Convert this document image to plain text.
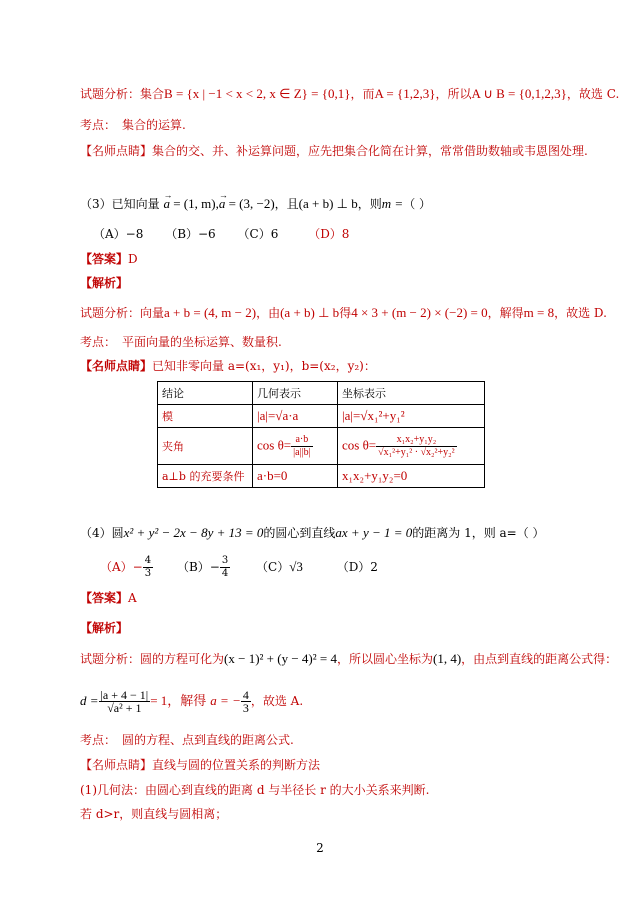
试题分析：集合B = {x | −1 < x < 2, x ∈ Z} = {0,1}，而A = {1,2,3}，所以A ∪ B = {0,1,2,3}，故选 C.
考点： 集合的运算.
【名师点睛】集合的交、并、补运算问题，应先把集合化简在计算，常常借助数轴或韦恩图处理.
（3）已知向量 → a = (1, m),→ a = (3, −2)，且(a + b) ⊥ b，则m =（ ）
（A）−8 （B）−6 （C）6 （D）8
【答案】D
【解析】
试题分析：向量a + b = (4, m − 2)，由(a + b) ⊥ b得4 × 3 + (m − 2) × (−2) = 0，解得m = 8，故选 D.
考点： 平面向量的坐标运算、数量积.
【名师点睛】已知非零向量 a=(x₁，y₁)，b=(x₂，y₂)：
结论	几何表示	坐标表示
模	|a|=√a·a	|a|=√x₁²+y₁²
夹角	$\cos \theta= \frac{a\cdot b}{|a||b|}$	$\cos \theta= \frac{\text{x₁x₂+y₁y₂}}{\text{√x₁²+y₁² · √x₂²+y₂²}}$

a⊥b 的充要条件	a·b=0	x₁x₂+y₁y₂=0
（4）圆x² + y² − 2x − 8y + 13 = 0的圆心到直线ax + y − 1 = 0的距离为 1，则 a=（ ）
$(A)- \frac{4}{3} (B)- \frac{3}{4} (C)√3$	（D）2
【答案】A
【解析】
试题分析：圆的方程可化为(x − 1)² + (y − 4)² = 4，所以圆心坐标为(1, 4)，由点到直线的距离公式得：
$d = \frac{|a + 4 - 1|}{\text{√a² + 1}} = 1$，解得 a = − $\frac{4}{3}$ ，故选 A.
考点： 圆的方程、点到直线的距离公式.
【名师点睛】直线与圆的位置关系的判断方法
(1)几何法：由圆心到直线的距离 d 与半径长 r 的大小关系来判断.
若 d>r，则直线与圆相离；
2
